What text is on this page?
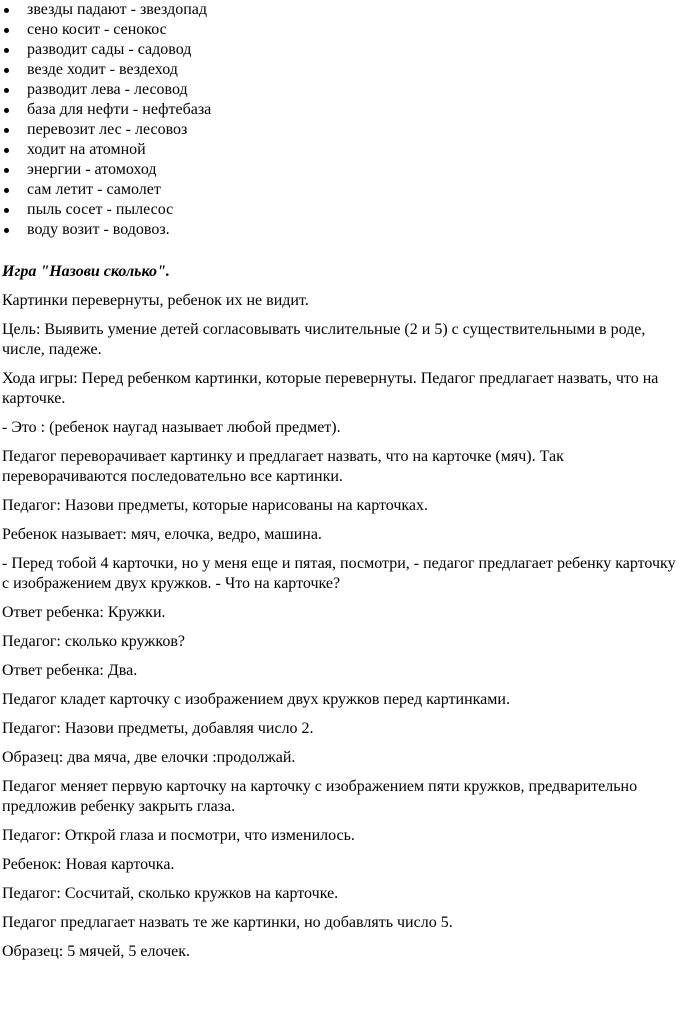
звезды падают - звездопад
сено косит - сенокос
разводит сады - садовод
везде ходит - вездеход
разводит лева - лесовод
база для нефти - нефтебаза
перевозит лес - лесовоз
ходит на атомной
энергии - атомоход
сам летит - самолет
пыль сосет - пылесос
воду возит - водовоз.
Игра "Назови сколько".
Картинки перевернуты, ребенок их не видит.
Цель: Выявить умение детей согласовывать числительные (2 и 5) с существительными в роде, числе, падеже.
Хода игры: Перед ребенком картинки, которые перевернуты. Педагог предлагает назвать, что на карточке.
- Это : (ребенок наугад называет любой предмет).
Педагог переворачивает картинку и предлагает назвать, что на карточке (мяч). Так переворачиваются последовательно все картинки.
Педагог: Назови предметы, которые нарисованы на карточках.
Ребенок называет: мяч, елочка, ведро, машина.
- Перед тобой 4 карточки, но у меня еще и пятая, посмотри, - педагог предлагает ребенку карточку с изображением двух кружков. - Что на карточке?
Ответ ребенка: Кружки.
Педагог: сколько кружков?
Ответ ребенка: Два.
Педагог кладет карточку с изображением двух кружков перед картинками.
Педагог: Назови предметы, добавляя число 2.
Образец: два мяча, две елочки :продолжай.
Педагог меняет первую карточку на карточку с изображением пяти кружков, предварительно предложив ребенку закрыть глаза.
Педагог: Открой глаза и посмотри, что изменилось.
Ребенок: Новая карточка.
Педагог: Сосчитай, сколько кружков на карточке.
Педагог предлагает назвать те же картинки, но добавлять число 5.
Образец: 5 мячей, 5 елочек.
